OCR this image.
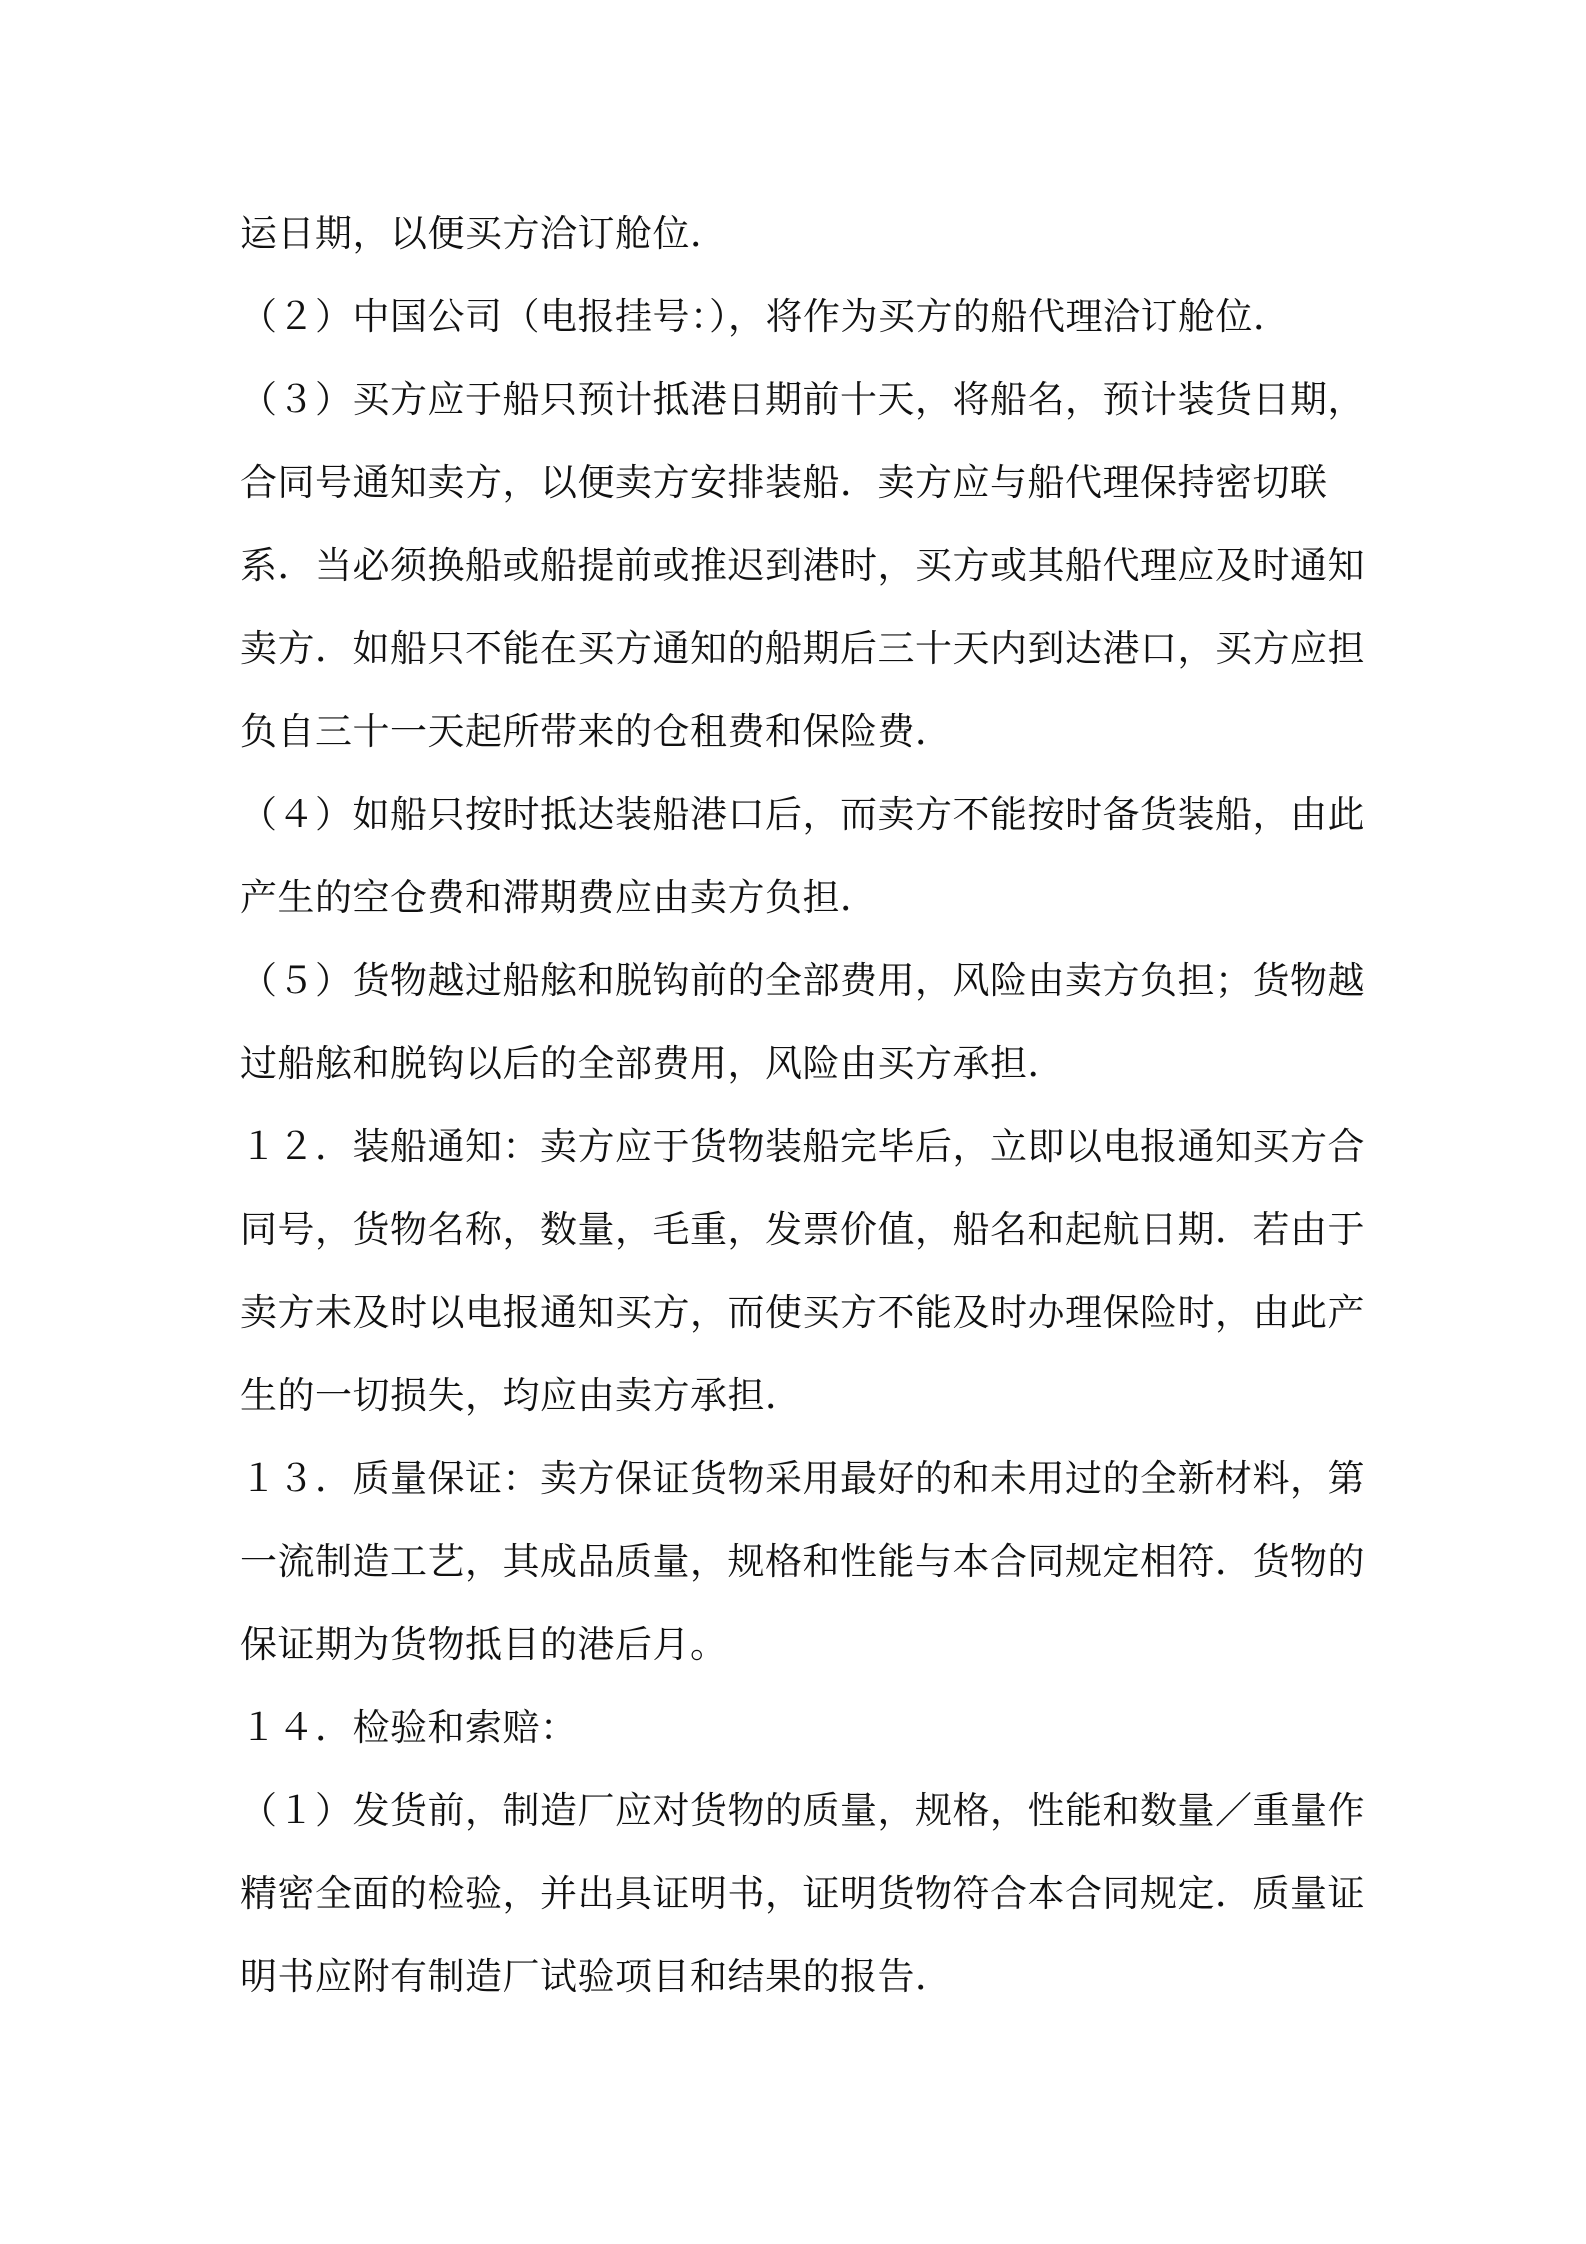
运日期，以便买方洽订舱位．
（２）中国公司（电报挂号：），将作为买方的船代理洽订舱位．
（３）买方应于船只预计抵港日期前十天，将船名，预计装货日期，
合同号通知卖方，以便卖方安排装船．卖方应与船代理保持密切联
系．当必须换船或船提前或推迟到港时，买方或其船代理应及时通知
卖方．如船只不能在买方通知的船期后三十天内到达港口，买方应担
负自三十一天起所带来的仓租费和保险费．
（４）如船只按时抵达装船港口后，而卖方不能按时备货装船，由此
产生的空仓费和滞期费应由卖方负担．
（５）货物越过船舷和脱钩前的全部费用，风险由卖方负担；货物越
过船舷和脱钩以后的全部费用，风险由买方承担．
１２．装船通知：卖方应于货物装船完毕后，立即以电报通知买方合
同号，货物名称，数量，毛重，发票价值，船名和起航日期．若由于
卖方未及时以电报通知买方，而使买方不能及时办理保险时，由此产
生的一切损失，均应由卖方承担．
１３．质量保证：卖方保证货物采用最好的和未用过的全新材料，第
一流制造工艺，其成品质量，规格和性能与本合同规定相符．货物的
保证期为货物抵目的港后月。
１４．检验和索赔：
（１）发货前，制造厂应对货物的质量，规格，性能和数量／重量作
精密全面的检验，并出具证明书，证明货物符合本合同规定．质量证
明书应附有制造厂试验项目和结果的报告．
